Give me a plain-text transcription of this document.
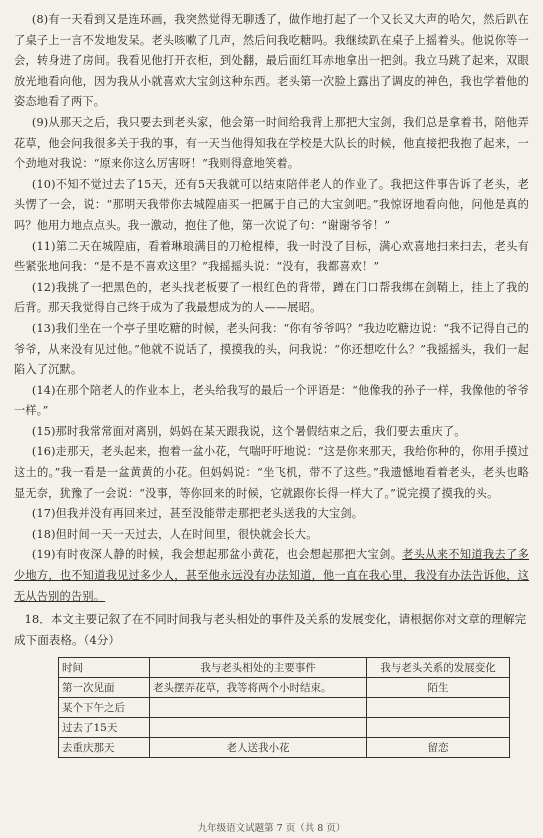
(8)有一天看到又是连环画，我突然觉得无聊透了，做作地打起了一个又长又大声的哈欠，然后趴在了桌子上一言不发地发呆。老头咳嗽了几声，然后问我吃糖吗。我继续趴在桌子上摇着头。他说你等一会，转身进了房间。我看见他打开衣柜，到处翻，最后面红耳赤地拿出一把剑。我立马跳了起来，双眼放光地看向他，因为我从小就喜欢大宝剑这种东西。老头第一次脸上露出了调皮的神色，我也学着他的姿态地看了两下。

(9)从那天之后，我只要去到老头家，他会第一时间给我背上那把大宝剑，我们总是拿着书，陪他弄花草，他会问我很多关于我的事，有一天当他得知我在学校是大队长的时候，他直接把我抱了起来，一个劲地对我说：“原来你这么厉害呀！”我则得意地笑着。

(10)不知不觉过去了15天，还有5天我就可以结束陪伴老人的作业了。我把这件事告诉了老头，老头愣了一会，说：“那明天我带你去城隍庙买一把属于自己的大宝剑吧。”我惊讶地看向他，问他是真的吗？他用力地点点头。我一激动，抱住了他，第一次说了句：“谢谢爷爷！”

(11)第二天在城隍庙，看着琳琅满目的刀枪棍棒，我一时没了目标，满心欢喜地扫来扫去，老头有些紧张地问我：“是不是不喜欢这里？”我摇摇头说：“没有，我都喜欢！”

(12)我挑了一把黑色的，老头找老板要了一根红色的背带，蹲在门口帮我绑在剑鞘上，挂上了我的后背。那天我觉得自己终于成为了我最想成为的人——展昭。

(13)我们坐在一个亭子里吃糖的时候，老头问我：“你有爷爷吗？”我边吃糖边说：“我不记得自己的爷爷，从来没有见过他。”他就不说话了，摸摸我的头，问我说：“你还想吃什么？”我摇摇头，我们一起陷入了沉默。

(14)在那个陪老人的作业本上，老头给我写的最后一个评语是：“他像我的孙子一样，我像他的爷爷一样。”

(15)那时我常常面对离别，妈妈在某天跟我说，这个暑假结束之后，我们要去重庆了。

(16)走那天，老头起来，抱着一盆小花，气喘吁吁地说：“这是你来那天，我给你种的，你用手摸过这土的。”我一看是一盆黄黄的小花。但妈妈说：“坐飞机，带不了这些。”我遗憾地看着老头，老头也略显无奈，犹豫了一会说：“没事，等你回来的时候，它就跟你长得一样大了。”说完摸了摸我的头。

(17)但我并没有再回来过，甚至没能带走那把老头送我的大宝剑。

(18)但时间一天一天过去，人在时间里，很快就会长大。

(19)有时夜深人静的时候，我会想起那盆小黄花，也会想起那把大宝剑。老头从来不知道我去了多少地方，也不知道我见过多少人，甚至他永远没有办法知道，他一直在我心里，我没有办法告诉他，这无从告别的告别。

18．本文主要记叙了在不同时间我与老头相处的事件及关系的发展变化，请根据你对文章的理解完成下面表格。（4分）

时间	我与老头相处的主要事件	我与老头关系的发展变化
第一次见面	老头摆弄花草，我等将两个小时结束。	陌生
某个下午之后		
过去了15天		
去重庆那天	老人送我小花	留恋
九年级语文试题第 7 页（共 8 页）
